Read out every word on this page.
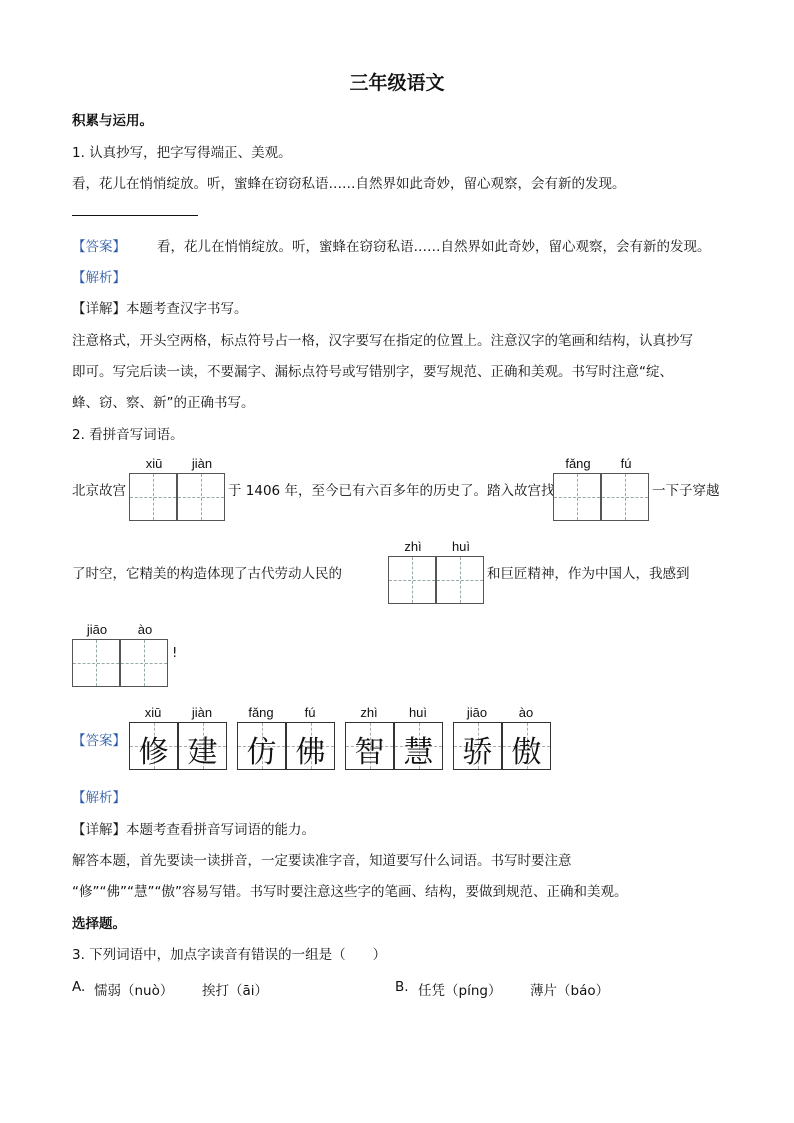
三年级语文
积累与运用。
1. 认真抄写，把字写得端正、美观。
看，花儿在悄悄绽放。听，蜜蜂在窃窃私语……自然界如此奇妙，留心观察，会有新的发现。
【答案】 看，花儿在悄悄绽放。听，蜜蜂在窃窃私语……自然界如此奇妙，留心观察，会有新的发现。
【解析】
【详解】本题考查汉字书写。
注意格式，开头空两格，标点符号占一格，汉字要写在指定的位置上。注意汉字的笔画和结构，认真抄写
即可。写完后读一读，不要漏字、漏标点符号或写错别字，要写规范、正确和美观。书写时注意“绽、
蜂、窃、察、新”的正确书写。
2. 看拼音写词语。
xiū	jiàn
北京故宫	于 1406 年，至今已有六百多年的历史了。踏入故宫找
fǎng	fú
一下子穿越
了时空，它精美的构造体现了古代劳动人民的
zhì	huì
和巨匠精神，作为中国人，我感到
jiāo	ào
!
【答案】
xiū	jiàn
修 建
fǎng	fú
仿 佛
zhì	huì
智 慧
jiāo	ào
骄 傲
【解析】
【详解】本题考查看拼音写词语的能力。
解答本题，首先要读一读拼音，一定要读准字音，知道要写什么词语。书写时要注意
“修”“佛”“慧”“傲”容易写错。书写时要注意这些字的笔画、结构，要做到规范、正确和美观。
选择题。
3. 下列词语中，加点字读音有错误的一组是（　　）
A. 懦弱（nuò） 挨打（āi）	B. 任凭（píng） 薄片（báo）
